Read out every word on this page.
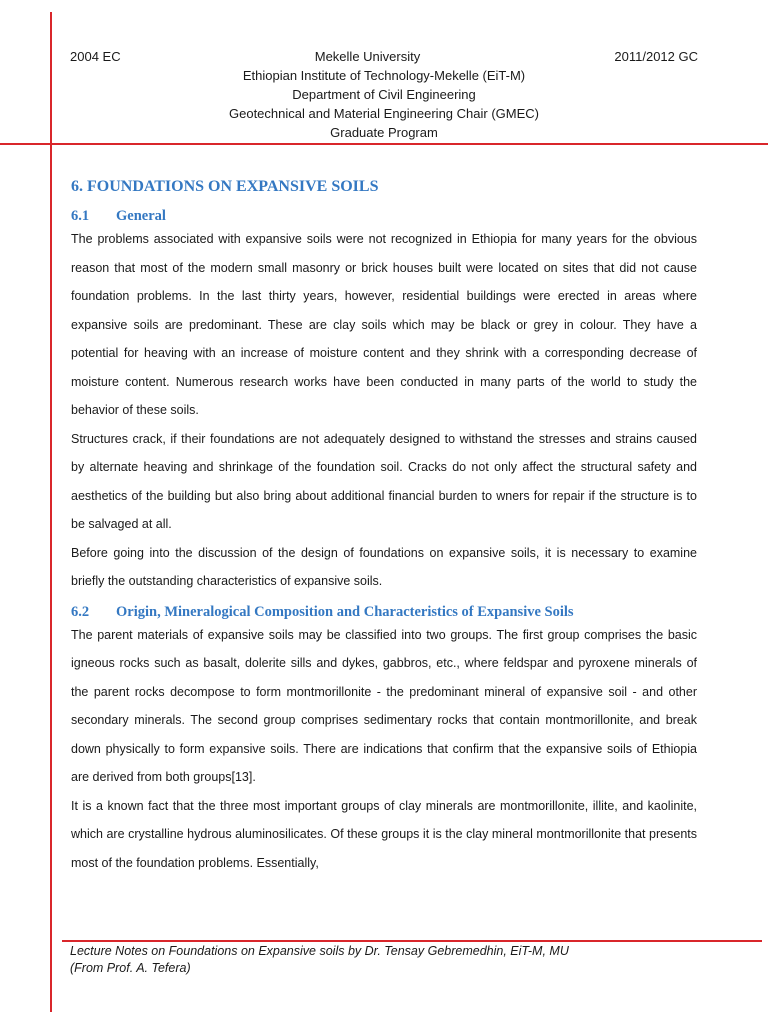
2004 EC	Mekelle University	2011/2012 GC
Ethiopian Institute of Technology-Mekelle (EiT-M)
Department of Civil Engineering
Geotechnical and Material Engineering Chair (GMEC)
Graduate Program
6. FOUNDATIONS ON EXPANSIVE SOILS
6.1	General

The problems associated with expansive soils were not recognized in Ethiopia for many years for the obvious reason that most of the modern small masonry or brick houses built were located on sites that did not cause foundation problems. In the last thirty years, however, residential buildings were erected in areas where expansive soils are predominant. These are clay soils which may be black or grey in colour. They have a potential for heaving with an increase of moisture content and they shrink with a corresponding decrease of moisture content. Numerous research works have been conducted in many parts of the world to study the behavior of these soils.

Structures crack, if their foundations are not adequately designed to withstand the stresses and strains caused by alternate heaving and shrinkage of the foundation soil. Cracks do not only affect the structural safety and aesthetics of the building but also bring about additional financial burden to wners for repair if the structure is to be salvaged at all.

Before going into the discussion of the design of foundations on expansive soils, it is necessary to examine briefly the outstanding characteristics of expansive soils.

6.2	Origin, Mineralogical Composition and Characteristics of Expansive Soils

The parent materials of expansive soils may be classified into two groups. The first group comprises the basic igneous rocks such as basalt, dolerite sills and dykes, gabbros, etc., where feldspar and pyroxene minerals of the parent rocks decompose to form montmorillonite - the predominant mineral of expansive soil - and other secondary minerals. The second group comprises sedimentary rocks that contain montmorillonite, and break down physically to form expansive soils. There are indications that confirm that the expansive soils of Ethiopia are derived from both groups[13].

It is a known fact that the three most important groups of clay minerals are montmorillonite, illite, and kaolinite, which are crystalline hydrous aluminosilicates. Of these groups it is the clay mineral montmorillonite that presents most of the foundation problems. Essentially,

Lecture Notes on Foundations on Expansive soils by Dr. Tensay Gebremedhin, EiT-M, MU
(From Prof. A. Tefera)
